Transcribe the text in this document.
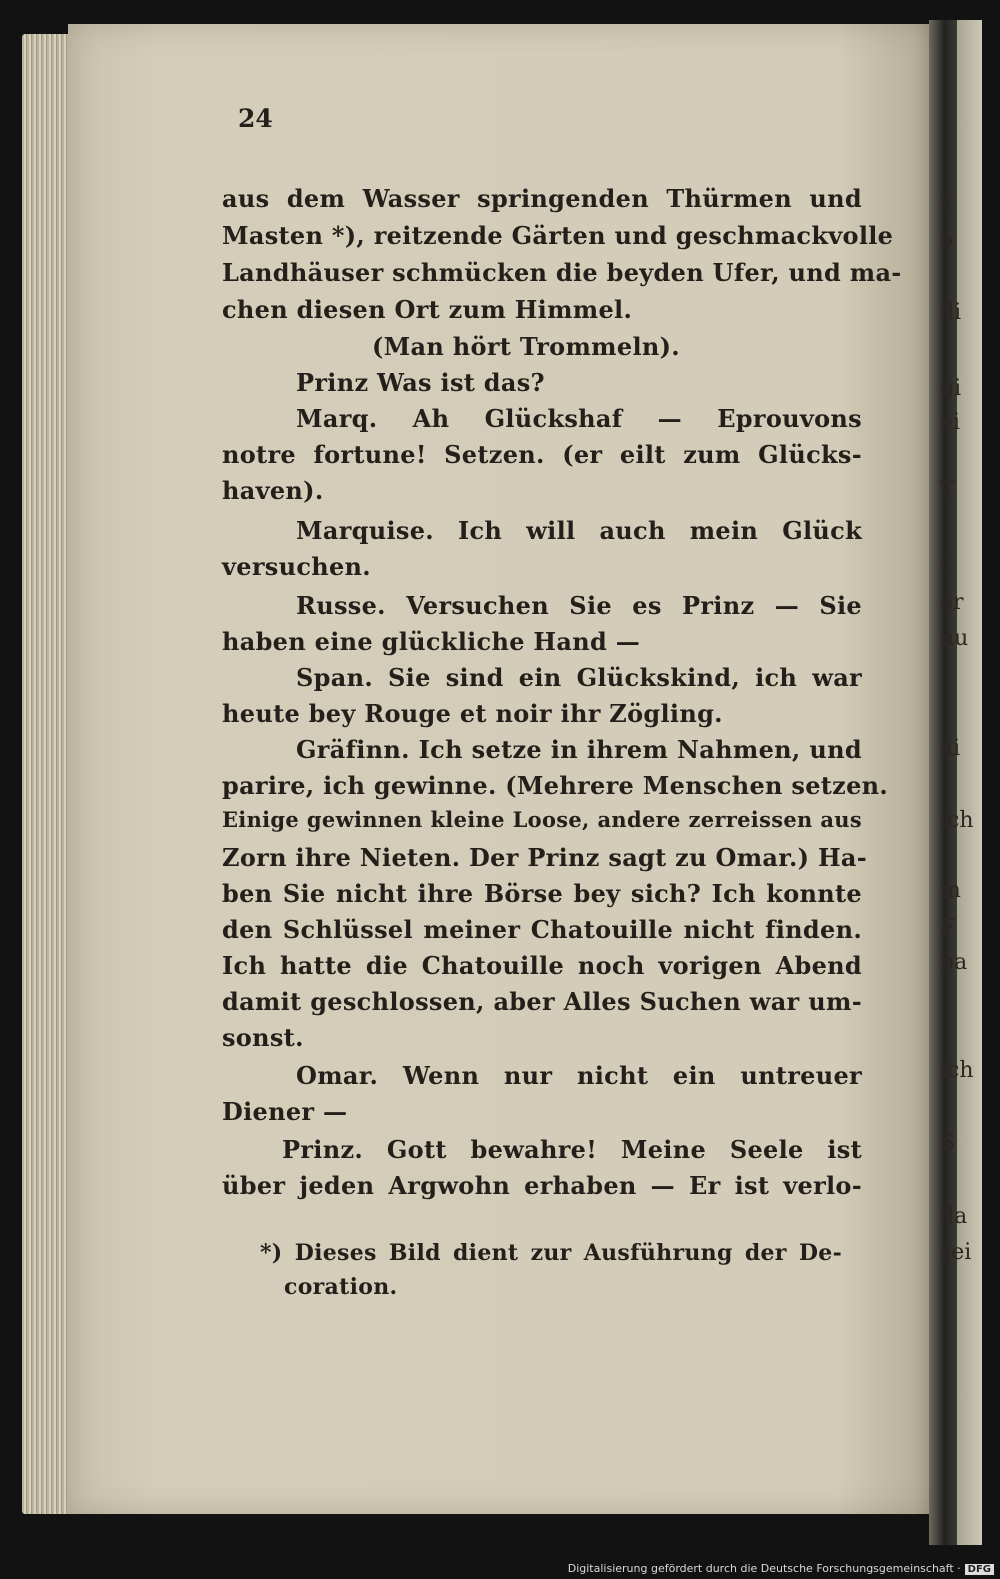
r
o
di
gi
ei
T
(
er
nu
ai
ich
m
F
ba
ich
S
da
sei
24
aus dem Wasser springenden Thürmen und
Masten *), reitzende Gärten und geschmackvolle
Landhäuser schmücken die beyden Ufer, und ma-
chen diesen Ort zum Himmel.
(Man hört Trommeln).
Prinz Was ist das?
Marq. Ah Glückshaf — Eprouvons
notre fortune! Setzen. (er eilt zum Glücks-
haven).
Marquise. Ich will auch mein Glück
versuchen.
Russe. Versuchen Sie es Prinz — Sie
haben eine glückliche Hand —
Span. Sie sind ein Glückskind, ich war
heute bey Rouge et noir ihr Zögling.
Gräfinn. Ich setze in ihrem Nahmen, und
parire, ich gewinne. (Mehrere Menschen setzen.
Einige gewinnen kleine Loose, andere zerreissen aus
Zorn ihre Nieten. Der Prinz sagt zu Omar.) Ha-
ben Sie nicht ihre Börse bey sich? Ich konnte
den Schlüssel meiner Chatouille nicht finden.
Ich hatte die Chatouille noch vorigen Abend
damit geschlossen, aber Alles Suchen war um-
sonst.
Omar. Wenn nur nicht ein untreuer
Diener —
Prinz. Gott bewahre! Meine Seele ist
über jeden Argwohn erhaben — Er ist verlo-
*) Dieses Bild dient zur Ausführung der De-
coration.
Digitalisierung gefördert durch die Deutsche Forschungsgemeinschaft · DFG
